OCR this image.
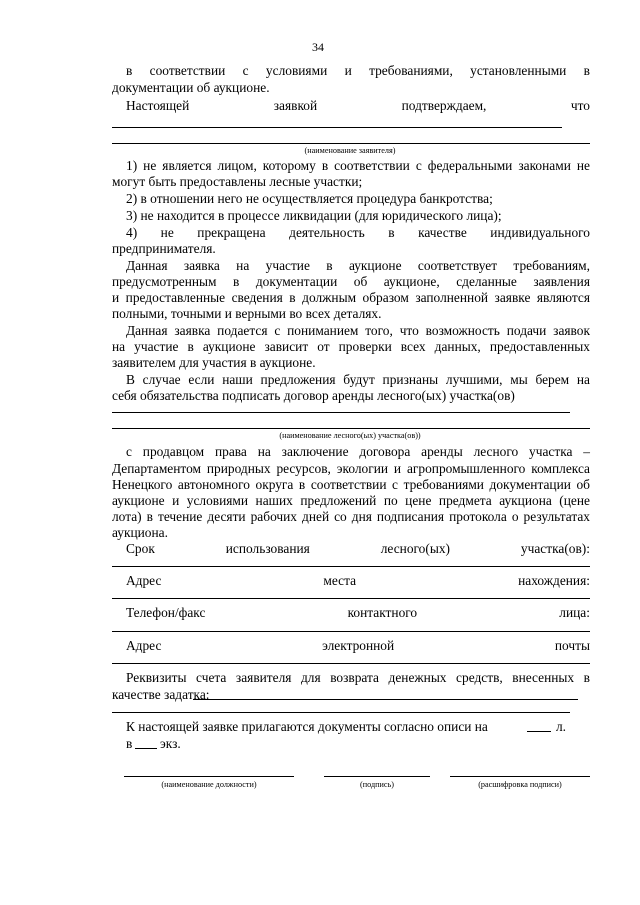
34
в соответствии с условиями и требованиями, установленными в
документации об аукционе.
Настоящей	заявкой	подтверждаем,	что
(наименование заявителя)
1) не является лицом, которому в соответствии с федеральными законами не
могут быть предоставлены лесные участки;
2) в отношении него не осуществляется процедура банкротства;
3) не находится в процессе ликвидации (для юридического лица);
4) не прекращена деятельность в качестве индивидуального
предпринимателя.
Данная заявка на участие в аукционе соответствует требованиям,
предусмотренным в документации об аукционе, сделанные заявления
и предоставленные сведения в должным образом заполненной заявке являются
полными, точными и верными во всех деталях.
Данная заявка подается с пониманием того, что возможность подачи заявок
на участие в аукционе зависит от проверки всех данных, предоставленных
заявителем для участия в аукционе.
В случае если наши предложения будут признаны лучшими, мы берем на
себя обязательства подписать договор аренды лесного(ых) участка(ов)
(наименование лесного(ых) участка(ов))
с продавцом права на заключение договора аренды лесного участка –
Департаментом природных ресурсов, экологии и агропромышленного комплекса
Ненецкого автономного округа в соответствии с требованиями документации об
аукционе и условиями наших предложений по цене предмета аукциона (цене
лота) в течение десяти рабочих дней со дня подписания протокола о результатах
аукциона.
Срок	использования	лесного(ых)	участка(ов):
Адрес	места	нахождения:
Телефон/факс	контактного	лица:
Адрес	электронной	почты
Реквизиты счета заявителя для возврата денежных средств, внесенных в
качестве задатка:
К настоящей заявке прилагаются документы согласно описи на	л.
в экз.
(наименование должности)	(подпись)	(расшифровка подписи)
